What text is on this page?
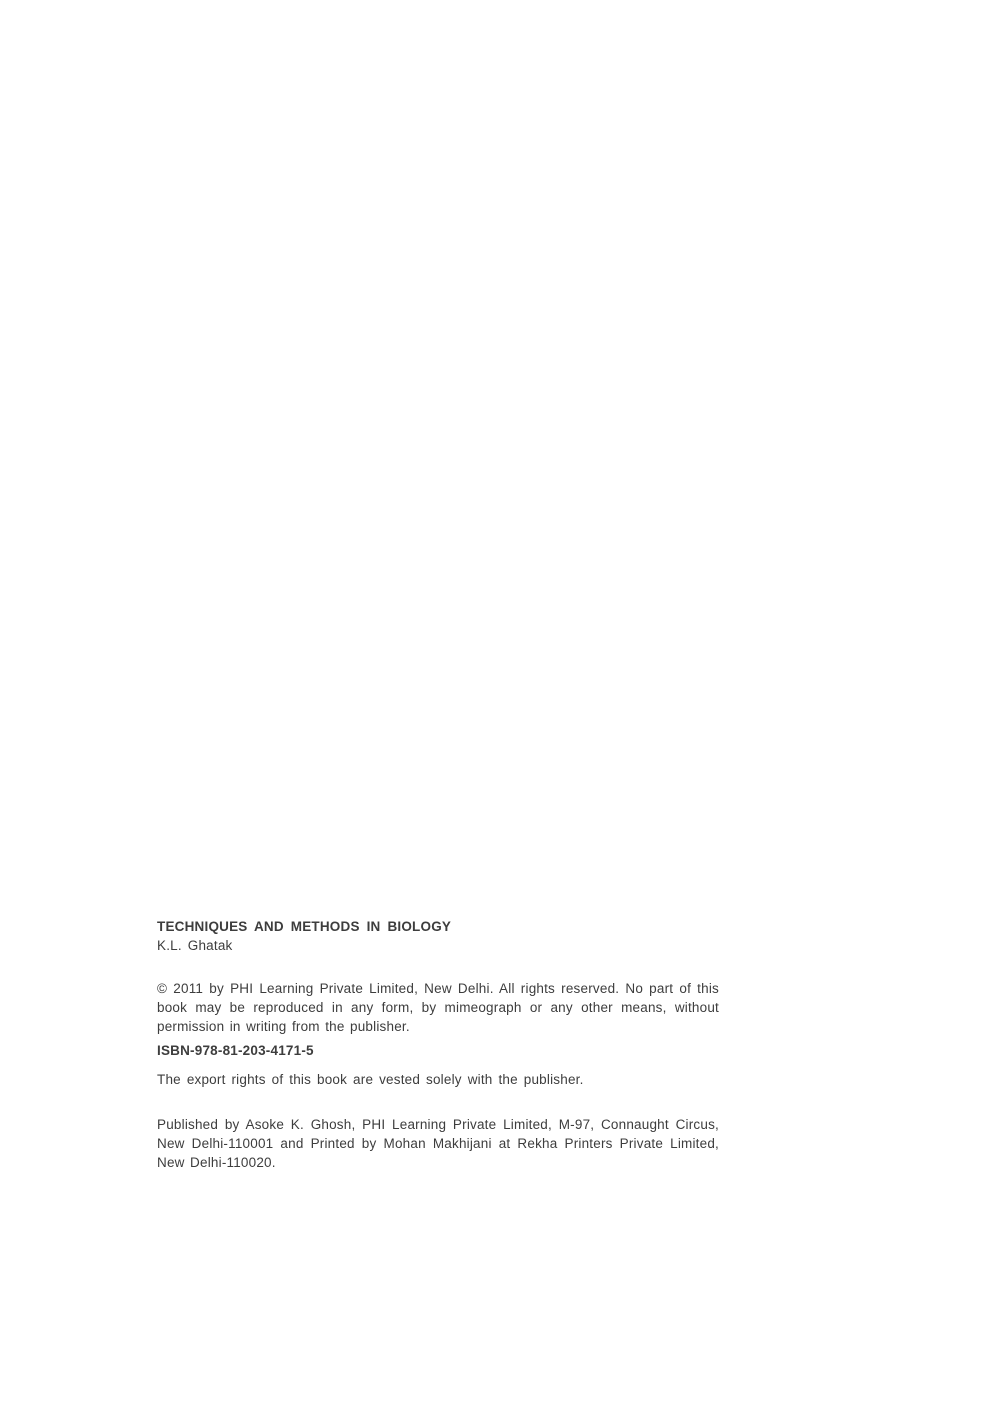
TECHNIQUES AND METHODS IN BIOLOGY

K.L. Ghatak

© 2011 by PHI Learning Private Limited, New Delhi. All rights reserved. No part of this book may be reproduced in any form, by mimeograph or any other means, without permission in writing from the publisher.

ISBN-978-81-203-4171-5

The export rights of this book are vested solely with the publisher.

Published by Asoke K. Ghosh, PHI Learning Private Limited, M-97, Connaught Circus, New Delhi-110001 and Printed by Mohan Makhijani at Rekha Printers Private Limited, New Delhi-110020.
